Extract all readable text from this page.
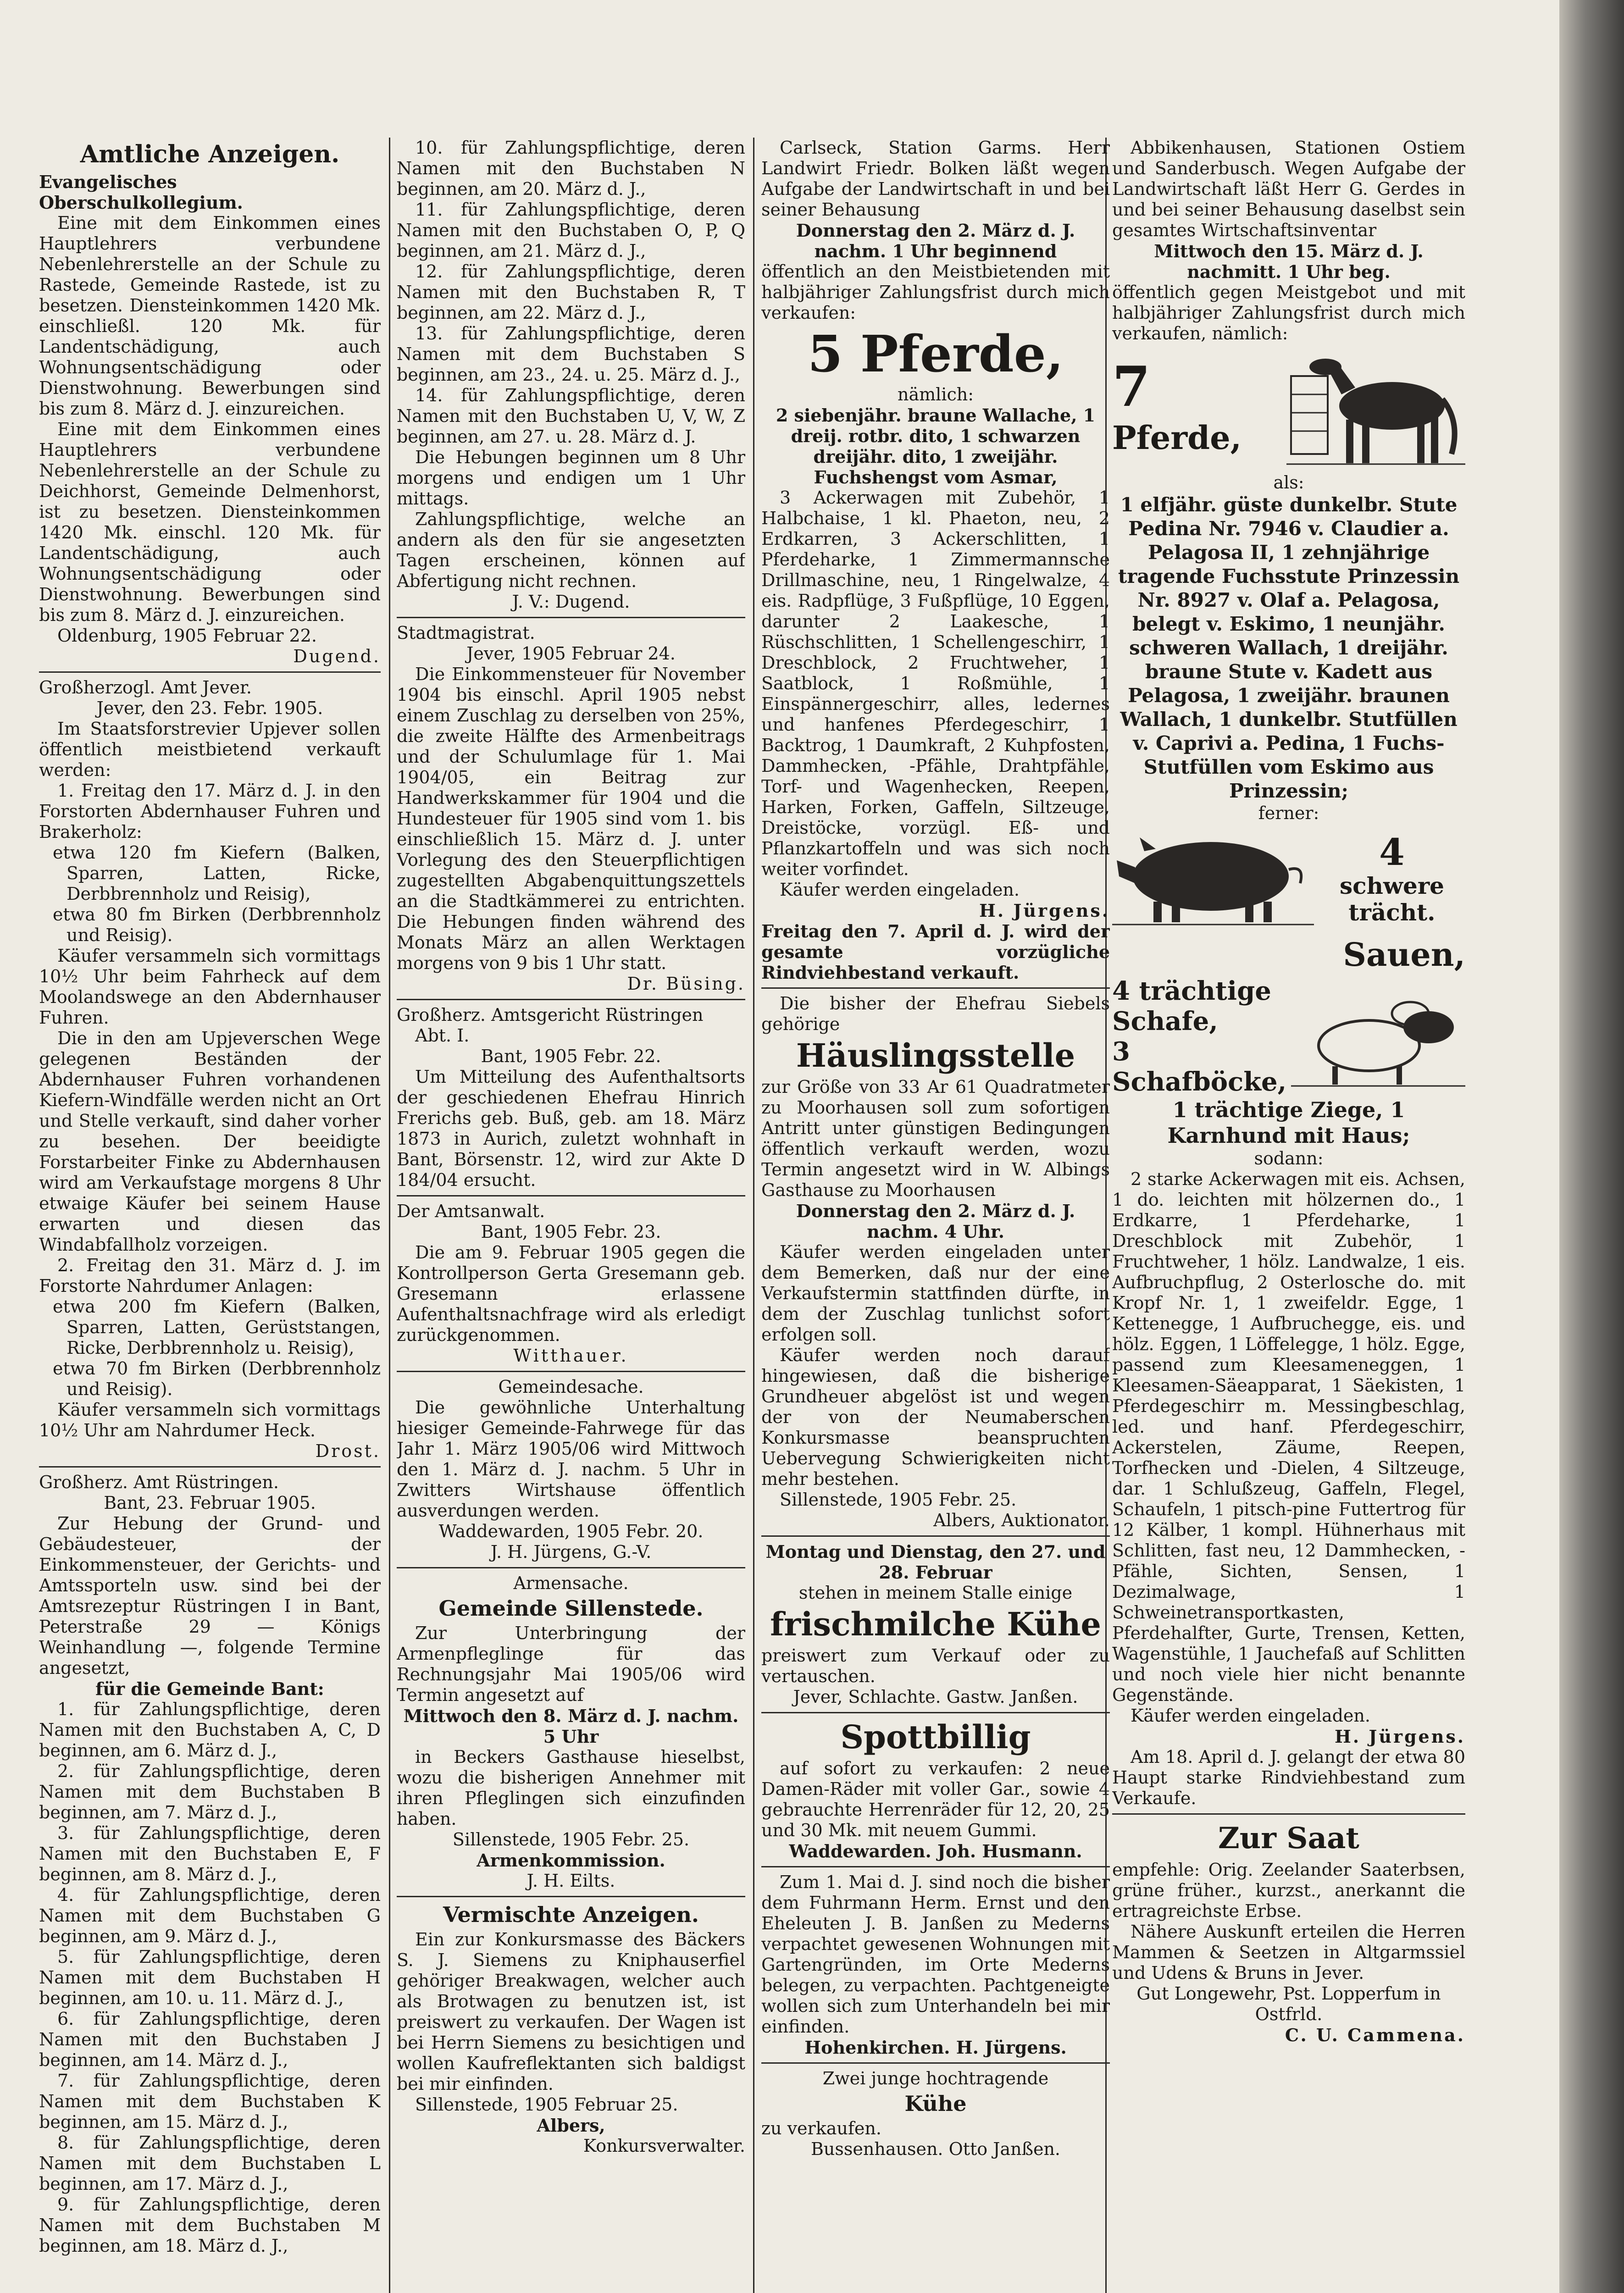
Amtliche Anzeigen.

Evangelisches Oberschulkollegium.

Eine mit dem Einkommen eines Hauptlehrers verbundene Nebenlehrerstelle an der Schule zu Rastede, Gemeinde Rastede, ist zu besetzen. Diensteinkommen 1420 Mk. einschließl. 120 Mk. für Landentschädigung, auch Wohnungsentschädigung oder Dienstwohnung. Bewerbungen sind bis zum 8. März d. J. einzureichen.

Eine mit dem Einkommen eines Hauptlehrers verbundene Nebenlehrerstelle an der Schule zu Deichhorst, Gemeinde Delmenhorst, ist zu besetzen. Diensteinkommen 1420 Mk. einschl. 120 Mk. für Landentschädigung, auch Wohnungsentschädigung oder Dienstwohnung. Bewerbungen sind bis zum 8. März d. J. einzureichen.

Oldenburg, 1905 Februar 22.

Dugend.

Großherzogl. Amt Jever.

Jever, den 23. Febr. 1905.

Im Staatsforstrevier Upjever sollen öffentlich meistbietend verkauft werden:

1. Freitag den 17. März d. J. in den Forstorten Abdernhauser Fuhren und Brakerholz:

etwa 120 fm Kiefern (Balken, Sparren, Latten, Ricke, Derbbrennholz und Reisig),

etwa 80 fm Birken (Derbbrennholz und Reisig).

Käufer versammeln sich vormittags 10½ Uhr beim Fahrheck auf dem Moolandswege an den Abdernhauser Fuhren.

Die in den am Upjeverschen Wege gelegenen Beständen der Abdernhauser Fuhren vorhandenen Kiefern-Windfälle werden nicht an Ort und Stelle verkauft, sind daher vorher zu besehen. Der beeidigte Forstarbeiter Finke zu Abdernhausen wird am Verkaufstage morgens 8 Uhr etwaige Käufer bei seinem Hause erwarten und diesen das Windabfallholz vorzeigen.

2. Freitag den 31. März d. J. im Forstorte Nahrdumer Anlagen:

etwa 200 fm Kiefern (Balken, Sparren, Latten, Gerüststangen, Ricke, Derbbrennholz u. Reisig),

etwa 70 fm Birken (Derbbrennholz und Reisig).

Käufer versammeln sich vormittags 10½ Uhr am Nahrdumer Heck.

Drost.

Großherz. Amt Rüstringen.

Bant, 23. Februar 1905.

Zur Hebung der Grund- und Gebäudesteuer, der Einkommensteuer, der Gerichts- und Amtssporteln usw. sind bei der Amtsrezeptur Rüstringen I in Bant, Peterstraße 29 — Königs Weinhandlung —, folgende Termine angesetzt,

für die Gemeinde Bant:

1. für Zahlungspflichtige, deren Namen mit den Buchstaben A, C, D beginnen, am 6. März d. J.,

2. für Zahlungspflichtige, deren Namen mit dem Buchstaben B beginnen, am 7. März d. J.,

3. für Zahlungspflichtige, deren Namen mit den Buchstaben E, F beginnen, am 8. März d. J.,

4. für Zahlungspflichtige, deren Namen mit dem Buchstaben G beginnen, am 9. März d. J.,

5. für Zahlungspflichtige, deren Namen mit dem Buchstaben H beginnen, am 10. u. 11. März d. J.,

6. für Zahlungspflichtige, deren Namen mit den Buchstaben J beginnen, am 14. März d. J.,

7. für Zahlungspflichtige, deren Namen mit dem Buchstaben K beginnen, am 15. März d. J.,

8. für Zahlungspflichtige, deren Namen mit dem Buchstaben L beginnen, am 17. März d. J.,

9. für Zahlungspflichtige, deren Namen mit dem Buchstaben M beginnen, am 18. März d. J.,

10. für Zahlungspflichtige, deren Namen mit den Buchstaben N beginnen, am 20. März d. J.,

11. für Zahlungspflichtige, deren Namen mit den Buchstaben O, P, Q beginnen, am 21. März d. J.,

12. für Zahlungspflichtige, deren Namen mit den Buchstaben R, T beginnen, am 22. März d. J.,

13. für Zahlungspflichtige, deren Namen mit dem Buchstaben S beginnen, am 23., 24. u. 25. März d. J.,

14. für Zahlungspflichtige, deren Namen mit den Buchstaben U, V, W, Z beginnen, am 27. u. 28. März d. J.

Die Hebungen beginnen um 8 Uhr morgens und endigen um 1 Uhr mittags.

Zahlungspflichtige, welche an andern als den für sie angesetzten Tagen erscheinen, können auf Abfertigung nicht rechnen.

J. V.: Dugend.

Stadtmagistrat.

Jever, 1905 Februar 24.

Die Einkommensteuer für November 1904 bis einschl. April 1905 nebst einem Zuschlag zu derselben von 25%, die zweite Hälfte des Armenbeitrags und der Schulumlage für 1. Mai 1904/05, ein Beitrag zur Handwerkskammer für 1904 und die Hundesteuer für 1905 sind vom 1. bis einschließlich 15. März d. J. unter Vorlegung des den Steuerpflichtigen zugestellten Abgabenquittungszettels an die Stadtkämmerei zu entrichten. Die Hebungen finden während des Monats März an allen Werktagen morgens von 9 bis 1 Uhr statt.

Dr. Büsing.

Großherz. Amtsgericht Rüstringen

Abt. I.

Bant, 1905 Febr. 22.

Um Mitteilung des Aufenthaltsorts der geschiedenen Ehefrau Hinrich Frerichs geb. Buß, geb. am 18. März 1873 in Aurich, zuletzt wohnhaft in Bant, Börsenstr. 12, wird zur Akte D 184/04 ersucht.

Der Amtsanwalt.

Bant, 1905 Febr. 23.

Die am 9. Februar 1905 gegen die Kontrollperson Gerta Gresemann geb. Gresemann erlassene Aufenthaltsnachfrage wird als erledigt zurückgenommen.

Witthauer.

Gemeindesache.

Die gewöhnliche Unterhaltung hiesiger Gemeinde-Fahrwege für das Jahr 1. März 1905/06 wird Mittwoch den 1. März d. J. nachm. 5 Uhr in Zwitters Wirtshause öffentlich ausverdungen werden.

Waddewarden, 1905 Febr. 20.

J. H. Jürgens, G.-V.

Armensache.

Gemeinde Sillenstede.

Zur Unterbringung der Armenpfleglinge für das Rechnungsjahr Mai 1905/06 wird Termin angesetzt auf

Mittwoch den 8. März d. J. nachm. 5 Uhr

in Beckers Gasthause hieselbst, wozu die bisherigen Annehmer mit ihren Pfleglingen sich einzufinden haben.

Sillenstede, 1905 Febr. 25.

Armenkommission.

J. H. Eilts.

Vermischte Anzeigen.

Ein zur Konkursmasse des Bäckers S. J. Siemens zu Kniphauserfiel gehöriger Breakwagen, welcher auch als Brotwagen zu benutzen ist, ist preiswert zu verkaufen. Der Wagen ist bei Herrn Siemens zu besichtigen und wollen Kaufreflektanten sich baldigst bei mir einfinden.

Sillenstede, 1905 Februar 25.

Albers,

Konkursverwalter.

Carlseck, Station Garms. Herr Landwirt Friedr. Bolken läßt wegen Aufgabe der Landwirtschaft in und bei seiner Behausung

Donnerstag den 2. März d. J. nachm. 1 Uhr beginnend

öffentlich an den Meistbietenden mit halbjähriger Zahlungsfrist durch mich verkaufen:

5 Pferde,

nämlich:

2 siebenjähr. braune Wallache, 1 dreij. rotbr. dito, 1 schwarzen dreijähr. dito, 1 zweijähr. Fuchshengst vom Asmar,

3 Ackerwagen mit Zubehör, 1 Halbchaise, 1 kl. Phaeton, neu, 2 Erdkarren, 3 Ackerschlitten, 1 Pferdeharke, 1 Zimmermannsche Drillmaschine, neu, 1 Ringelwalze, 4 eis. Radpflüge, 3 Fußpflüge, 10 Eggen, darunter 2 Laakesche, 1 Rüschschlitten, 1 Schellengeschirr, 1 Dreschblock, 2 Fruchtweher, 1 Saatblock, 1 Roßmühle, 1 Einspännergeschirr, alles, ledernes und hanfenes Pferdegeschirr, 1 Backtrog, 1 Daumkraft, 2 Kuhpfosten, Dammhecken, -Pfähle, Drahtpfähle, Torf- und Wagenhecken, Reepen, Harken, Forken, Gaffeln, Siltzeuge, Dreistöcke, vorzügl. Eß- und Pflanzkartoffeln und was sich noch weiter vorfindet.

Käufer werden eingeladen.

H. Jürgens.

Freitag den 7. April d. J. wird der gesamte vorzügliche Rindviehbestand verkauft.

Die bisher der Ehefrau Siebels gehörige

Häuslingsstelle

zur Größe von 33 Ar 61 Quadratmeter zu Moorhausen soll zum sofortigen Antritt unter günstigen Bedingungen öffentlich verkauft werden, wozu Termin angesetzt wird in W. Albings Gasthause zu Moorhausen

Donnerstag den 2. März d. J. nachm. 4 Uhr.

Käufer werden eingeladen unter dem Bemerken, daß nur der eine Verkaufstermin stattfinden dürfte, in dem der Zuschlag tunlichst sofort erfolgen soll.

Käufer werden noch darauf hingewiesen, daß die bisherige Grundheuer abgelöst ist und wegen der von der Neumaberschen Konkursmasse beanspruchten Uebervegung Schwierigkeiten nicht mehr bestehen.

Sillenstede, 1905 Febr. 25.

Albers, Auktionator.

Montag und Dienstag, den 27. und 28. Februar

stehen in meinem Stalle einige

frischmilche Kühe

preiswert zum Verkauf oder zu vertauschen.

Jever, Schlachte. Gastw. Janßen.

Spottbillig

auf sofort zu verkaufen: 2 neue Damen-Räder mit voller Gar., sowie 4 gebrauchte Herrenräder für 12, 20, 25 und 30 Mk. mit neuem Gummi.

Waddewarden. Joh. Husmann.

Zum 1. Mai d. J. sind noch die bisher dem Fuhrmann Herm. Ernst und den Eheleuten J. B. Janßen zu Mederns verpachtet gewesenen Wohnungen mit Gartengründen, im Orte Mederns belegen, zu verpachten. Pachtgeneigte wollen sich zum Unterhandeln bei mir einfinden.

Hohenkirchen. H. Jürgens.

Zwei junge hochtragende

Kühe

zu verkaufen.

Bussenhausen. Otto Janßen.

Abbikenhausen, Stationen Ostiem und Sanderbusch. Wegen Aufgabe der Landwirtschaft läßt Herr G. Gerdes in und bei seiner Behausung daselbst sein gesamtes Wirtschaftsinventar

Mittwoch den 15. März d. J. nachmitt. 1 Uhr beg.

öffentlich gegen Meistgebot und mit halbjähriger Zahlungsfrist durch mich verkaufen, nämlich:

7
Pferde,

als:

1 elfjähr. güste dunkelbr. Stute Pedina Nr. 7946 v. Claudier a. Pelagosa II, 1 zehnjährige tragende Fuchsstute Prinzessin Nr. 8927 v. Olaf a. Pelagosa, belegt v. Eskimo, 1 neunjähr. schweren Wallach, 1 dreijähr. braune Stute v. Kadett aus Pelagosa, 1 zweijähr. braunen Wallach, 1 dunkelbr. Stutfüllen v. Caprivi a. Pedina, 1 Fuchs-Stutfüllen vom Eskimo aus Prinzessin;

ferner:

4
schwere trächt.
Sauen,
4 trächtige Schafe,
3 Schafböcke,

1 trächtige Ziege, 1 Karnhund mit Haus;

sodann:

2 starke Ackerwagen mit eis. Achsen, 1 do. leichten mit hölzernen do., 1 Erdkarre, 1 Pferdeharke, 1 Dreschblock mit Zubehör, 1 Fruchtweher, 1 hölz. Landwalze, 1 eis. Aufbruchpflug, 2 Osterlosche do. mit Kropf Nr. 1, 1 zweifeldr. Egge, 1 Kettenegge, 1 Aufbruchegge, eis. und hölz. Eggen, 1 Löffelegge, 1 hölz. Egge, passend zum Kleesameneggen, 1 Kleesamen-Säeapparat, 1 Säekisten, 1 Pferdegeschirr m. Messingbeschlag, led. und hanf. Pferdegeschirr, Ackerstelen, Zäume, Reepen, Torfhecken und -Dielen, 4 Siltzeuge, dar. 1 Schlußzeug, Gaffeln, Flegel, Schaufeln, 1 pitsch-pine Futtertrog für 12 Kälber, 1 kompl. Hühnerhaus mit Schlitten, fast neu, 12 Dammhecken, -Pfähle, Sichten, Sensen, 1 Dezimalwage, 1 Schweinetransportkasten, Pferdehalfter, Gurte, Trensen, Ketten, Wagenstühle, 1 Jauchefaß auf Schlitten und noch viele hier nicht benannte Gegenstände.

Käufer werden eingeladen.

H. Jürgens.

Am 18. April d. J. gelangt der etwa 80 Haupt starke Rindviehbestand zum Verkaufe.

Zur Saat

empfehle: Orig. Zeelander Saaterbsen, grüne früher., kurzst., anerkannt die ertragreichste Erbse.

Nähere Auskunft erteilen die Herren Mammen & Seetzen in Altgarmssiel und Udens & Bruns in Jever.

Gut Longewehr, Pst. Lopperfum in Ostfrld.

C. U. Cammena.
